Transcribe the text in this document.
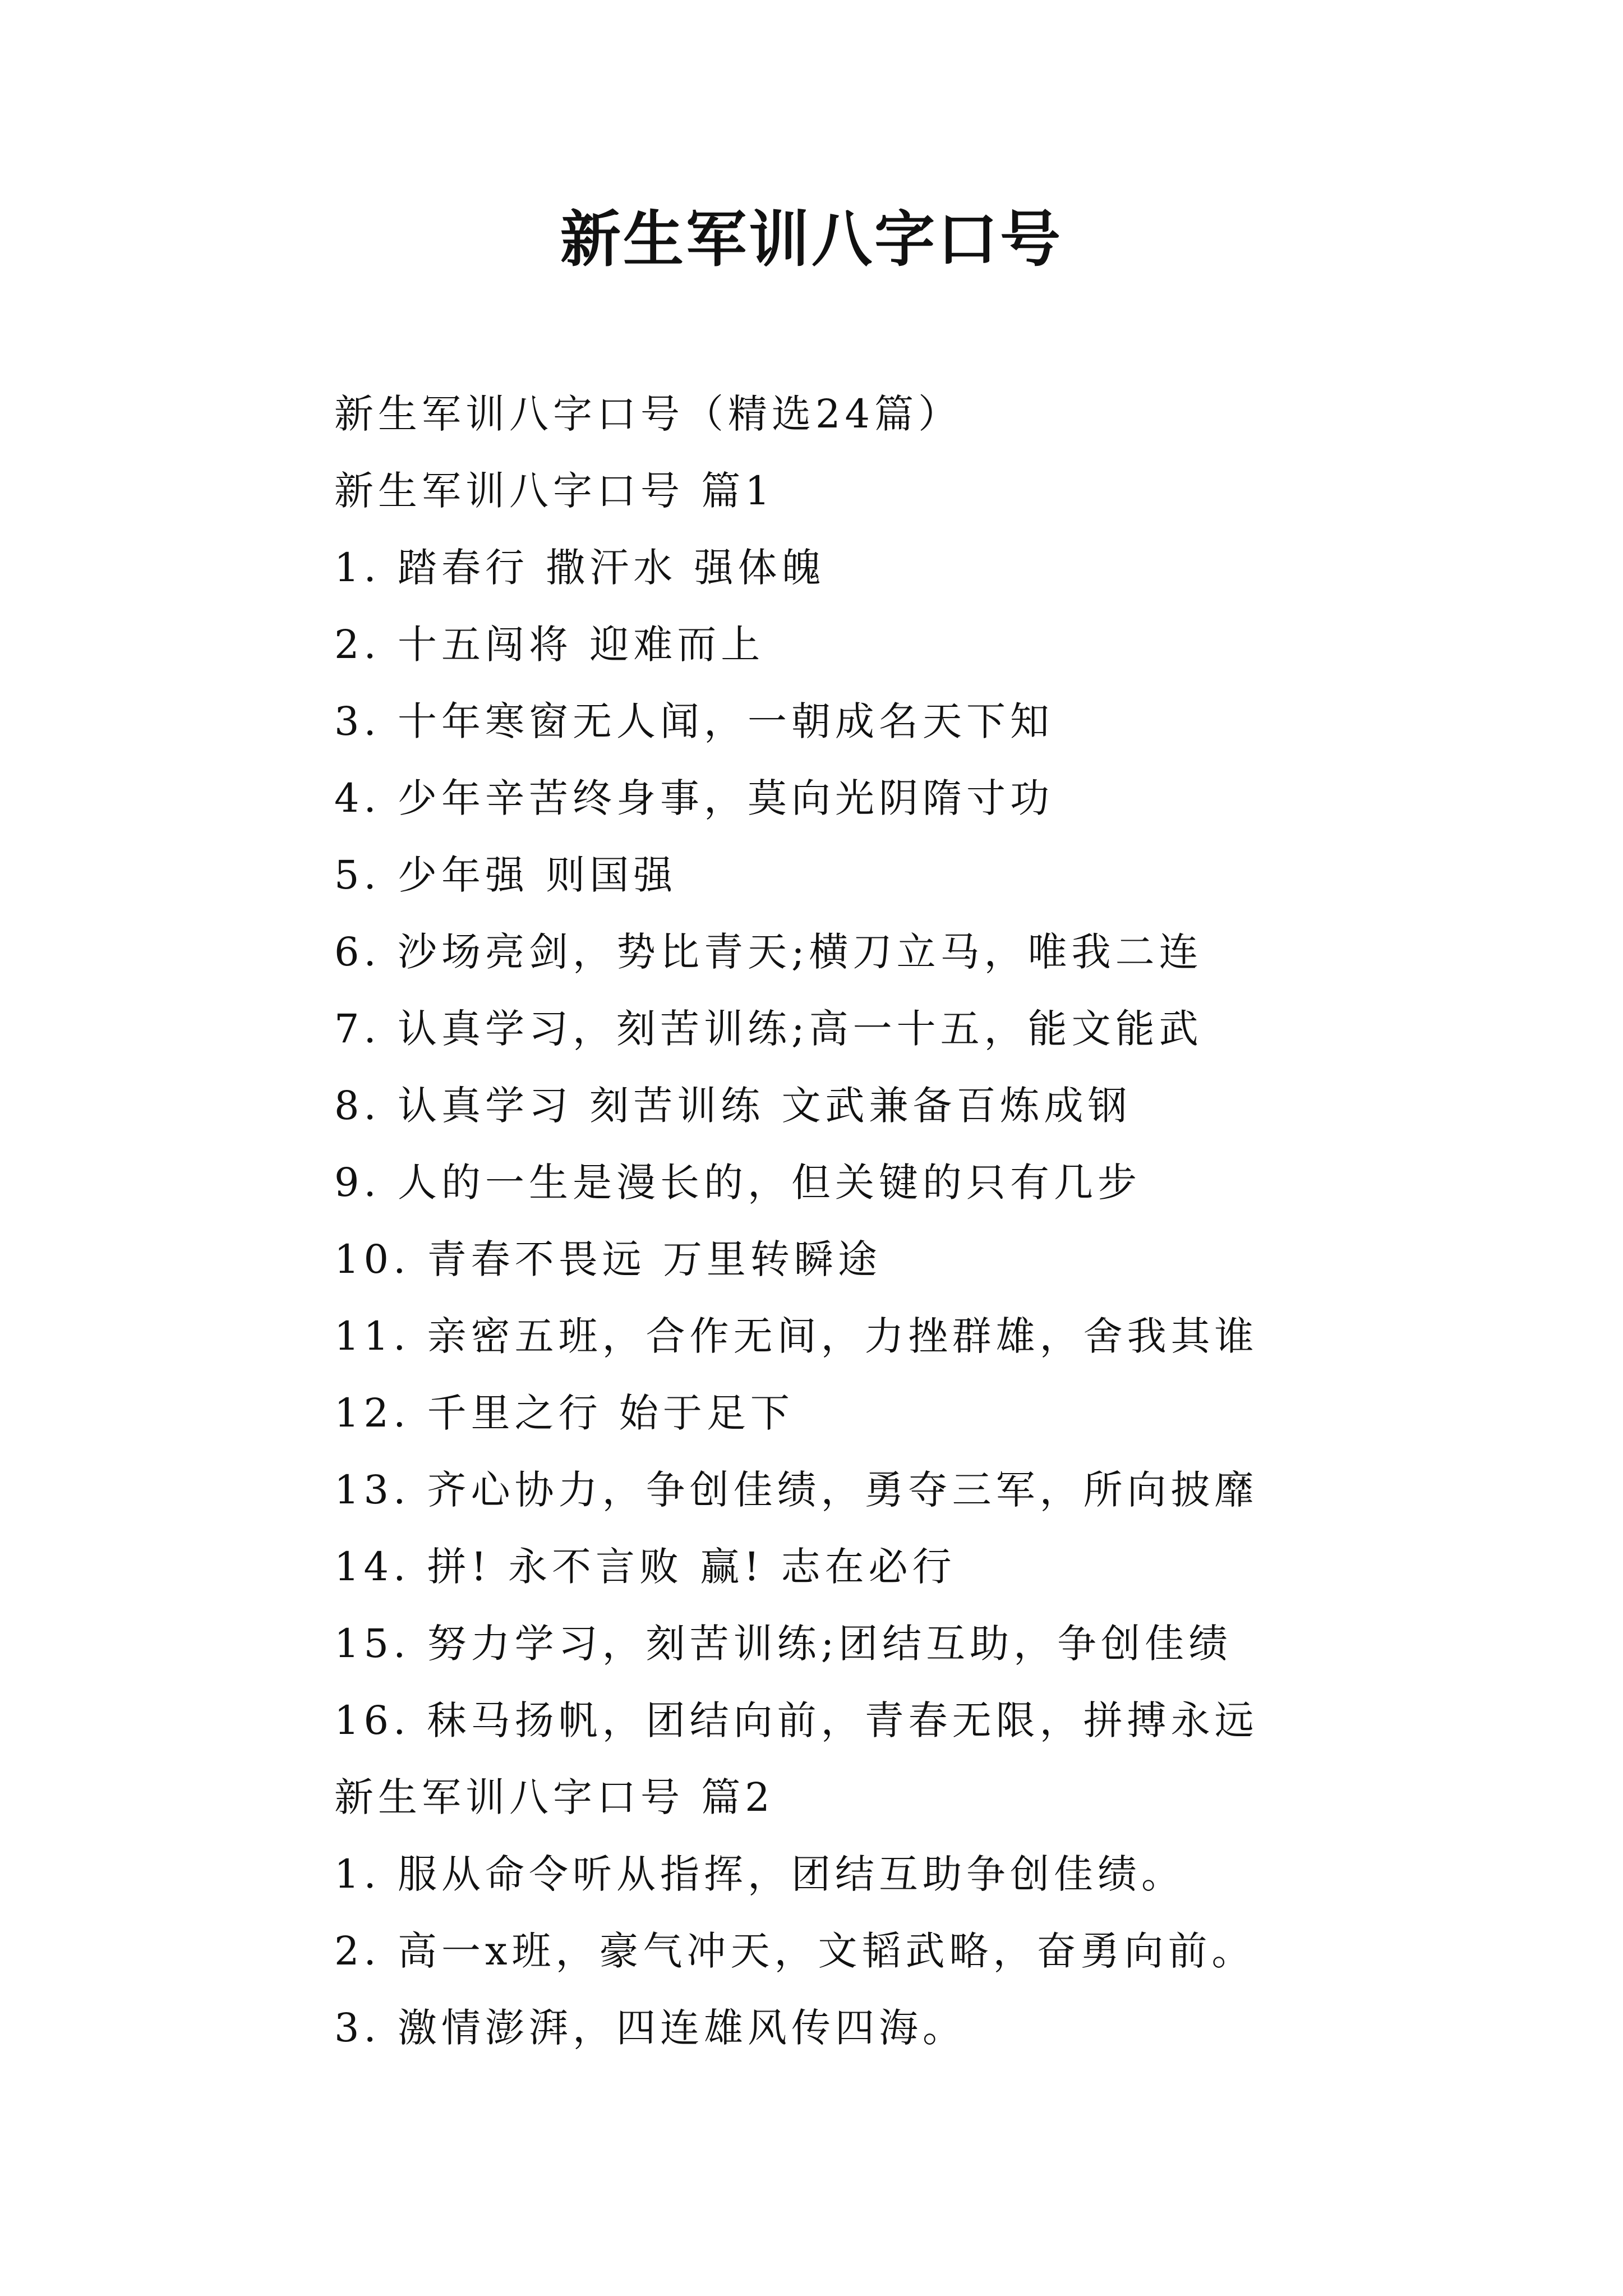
新生军训八字口号

新生军训八字口号（精选24篇）

新生军训八字口号 篇1

1. 踏春行 撒汗水 强体魄

2. 十五闯将 迎难而上

3. 十年寒窗无人闻，一朝成名天下知

4. 少年辛苦终身事，莫向光阴隋寸功

5. 少年强 则国强

6. 沙场亮剑，势比青天;横刀立马，唯我二连

7. 认真学习，刻苦训练;高一十五，能文能武

8. 认真学习 刻苦训练 文武兼备百炼成钢

9. 人的一生是漫长的，但关键的只有几步

10. 青春不畏远 万里转瞬途

11. 亲密五班，合作无间，力挫群雄，舍我其谁

12. 千里之行 始于足下

13. 齐心协力，争创佳绩，勇夺三军，所向披靡

14. 拼! 永不言败 赢! 志在必行

15. 努力学习，刻苦训练;团结互助，争创佳绩

16. 秣马扬帆，团结向前，青春无限，拼搏永远

新生军训八字口号 篇2

1. 服从命令听从指挥，团结互助争创佳绩。

2. 高一x班，豪气冲天，文韬武略，奋勇向前。

3. 激情澎湃，四连雄风传四海。
